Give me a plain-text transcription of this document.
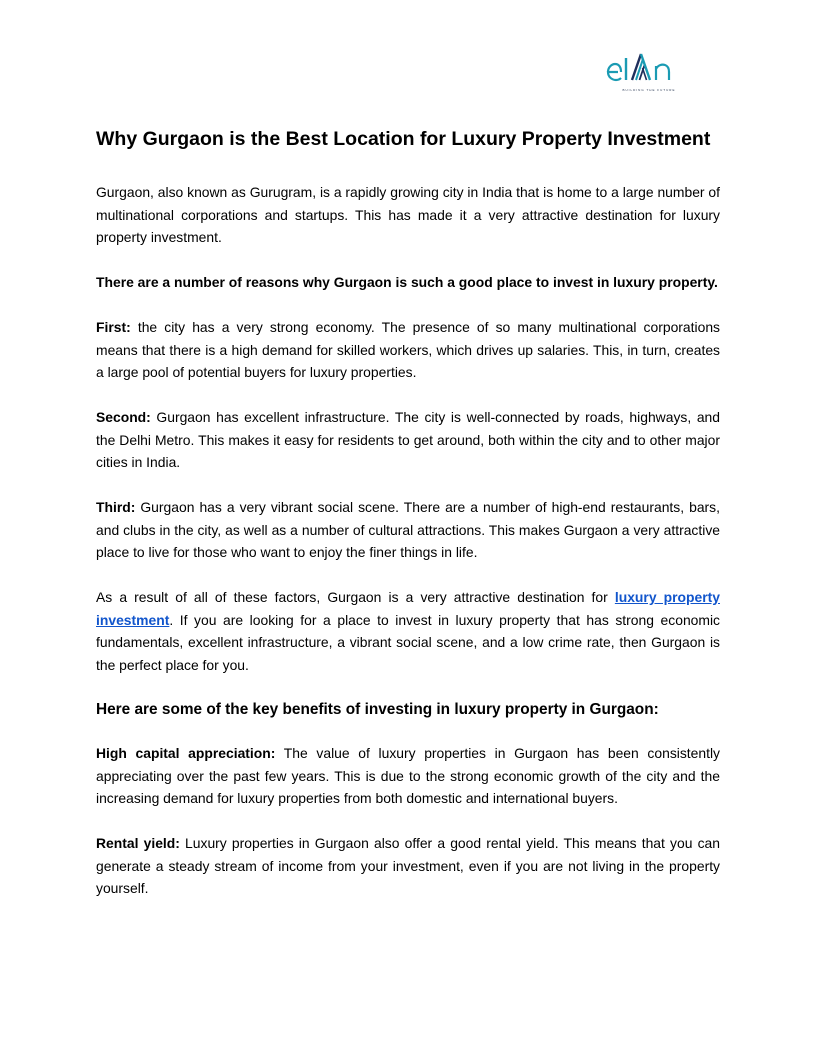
BUILDING THE FUTURE
Why Gurgaon is the Best Location for Luxury Property Investment

Gurgaon, also known as Gurugram, is a rapidly growing city in India that is home to a large number of multinational corporations and startups. This has made it a very attractive destination for luxury property investment.

There are a number of reasons why Gurgaon is such a good place to invest in luxury property.

First: the city has a very strong economy. The presence of so many multinational corporations means that there is a high demand for skilled workers, which drives up salaries. This, in turn, creates a large pool of potential buyers for luxury properties.

Second: Gurgaon has excellent infrastructure. The city is well-connected by roads, highways, and the Delhi Metro. This makes it easy for residents to get around, both within the city and to other major cities in India.

Third: Gurgaon has a very vibrant social scene. There are a number of high-end restaurants, bars, and clubs in the city, as well as a number of cultural attractions. This makes Gurgaon a very attractive place to live for those who want to enjoy the finer things in life.

As a result of all of these factors, Gurgaon is a very attractive destination for luxury property investment. If you are looking for a place to invest in luxury property that has strong economic fundamentals, excellent infrastructure, a vibrant social scene, and a low crime rate, then Gurgaon is the perfect place for you.

Here are some of the key benefits of investing in luxury property in Gurgaon:

High capital appreciation: The value of luxury properties in Gurgaon has been consistently appreciating over the past few years. This is due to the strong economic growth of the city and the increasing demand for luxury properties from both domestic and international buyers.

Rental yield: Luxury properties in Gurgaon also offer a good rental yield. This means that you can generate a steady stream of income from your investment, even if you are not living in the property yourself.
